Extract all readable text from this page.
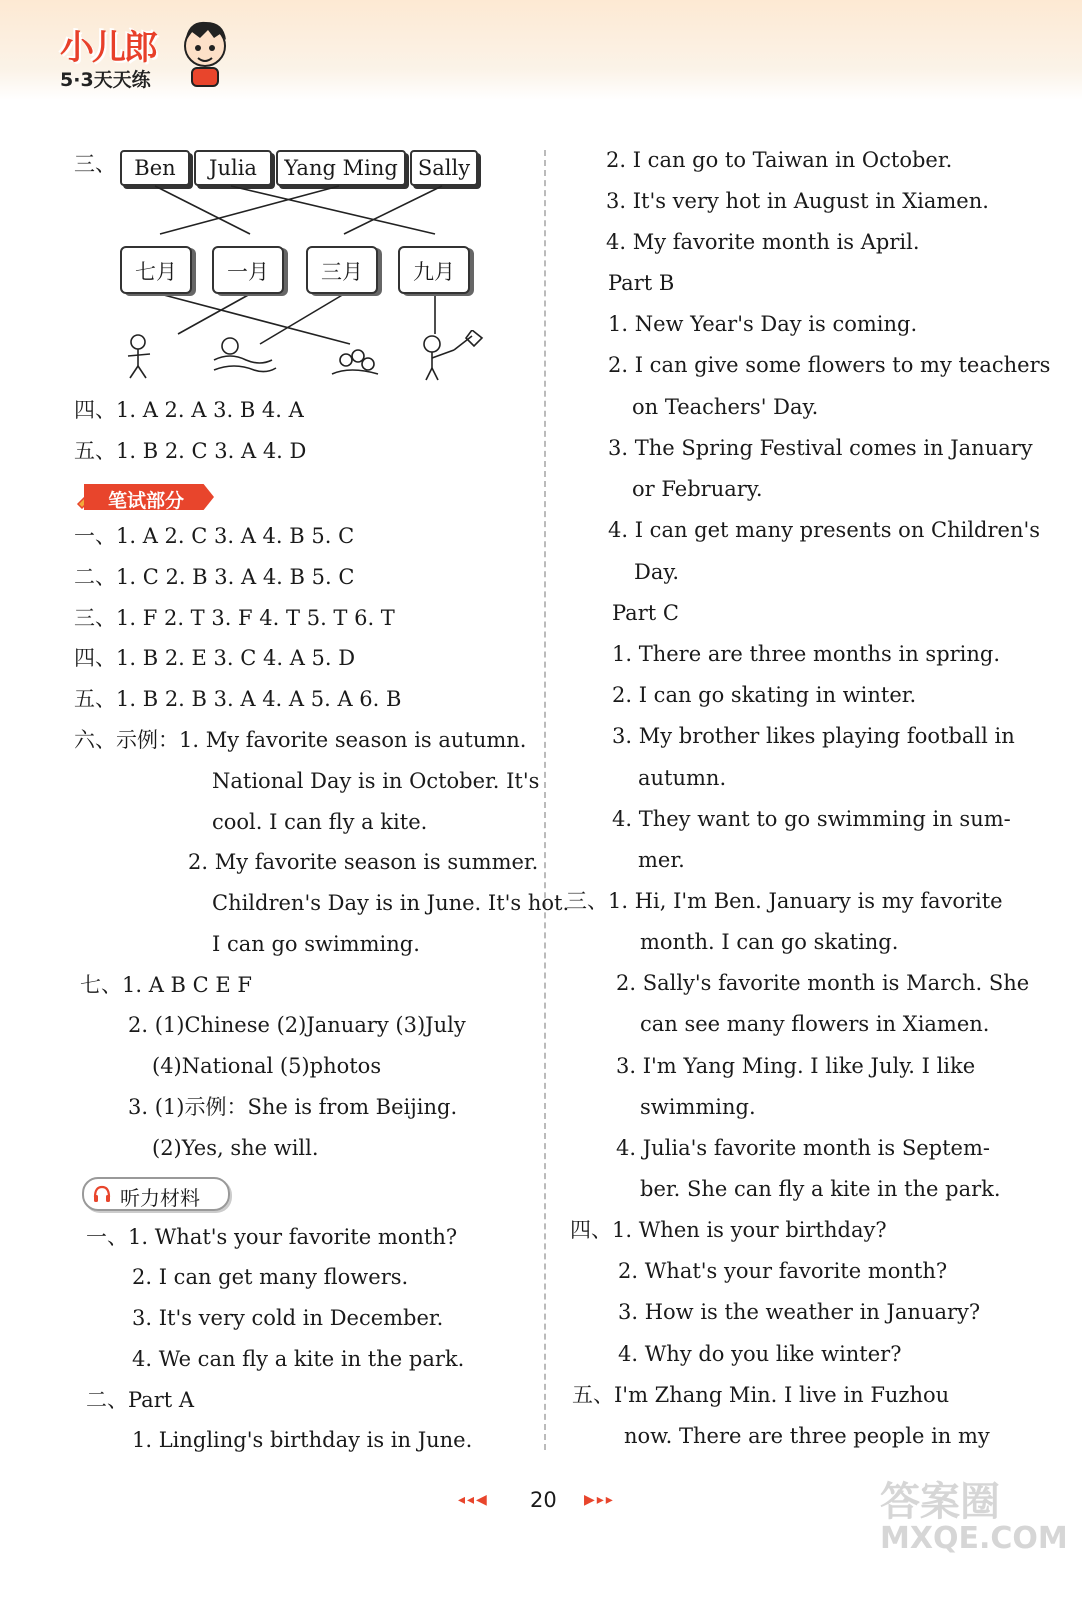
小儿郎
5·3天天练
三、 Ben	Julia	Yang Ming Sally
七月	一月	三月	九月
四、1. A 2. A 3. B 4. A
五、1. B 2. C 3. A 4. D
笔试部分
一、1. A 2. C 3. A 4. B 5. C
二、1. C 2. B 3. A 4. B 5. C
三、1. F 2. T 3. F 4. T 5. T 6. T
四、1. B 2. E 3. C 4. A 5. D
五、1. B 2. B 3. A 4. A 5. A 6. B
六、示例：1. My favorite season is autumn.
National Day is in October. It's
cool. I can fly a kite.
2. My favorite season is summer.
Children's Day is in June. It's hot.
I can go swimming.
七、1. A B C E F
2. (1)Chinese (2)January (3)July
(4)National (5)photos
3. (1)示例：She is from Beijing.
(2)Yes, she will.
听力材料
一、1. What's your favorite month?
2. I can get many flowers.
3. It's very cold in December.
4. We can fly a kite in the park.
二、Part A
1. Lingling's birthday is in June.
2. I can go to Taiwan in October.
3. It's very hot in August in Xiamen.
4. My favorite month is April.
Part B
1. New Year's Day is coming.
2. I can give some flowers to my teachers
on Teachers' Day.
3. The Spring Festival comes in January
or February.
4. I can get many presents on Children's
Day.
Part C
1. There are three months in spring.
2. I can go skating in winter.
3. My brother likes playing football in
autumn.
4. They want to go swimming in sum-
mer.
三、1. Hi, I'm Ben. January is my favorite
month. I can go skating.
2. Sally's favorite month is March. She
can see many flowers in Xiamen.
3. I'm Yang Ming. I like July. I like
swimming.
4. Julia's favorite month is Septem-
ber. She can fly a kite in the park.
四、1. When is your birthday?
2. What's your favorite month?
3. How is the weather in January?
4. Why do you like winter?
五、I'm Zhang Min. I live in Fuzhou
now. There are three people in my
◂◂◀ 20 ▶▸▸	答案圈
MXQE.COM
